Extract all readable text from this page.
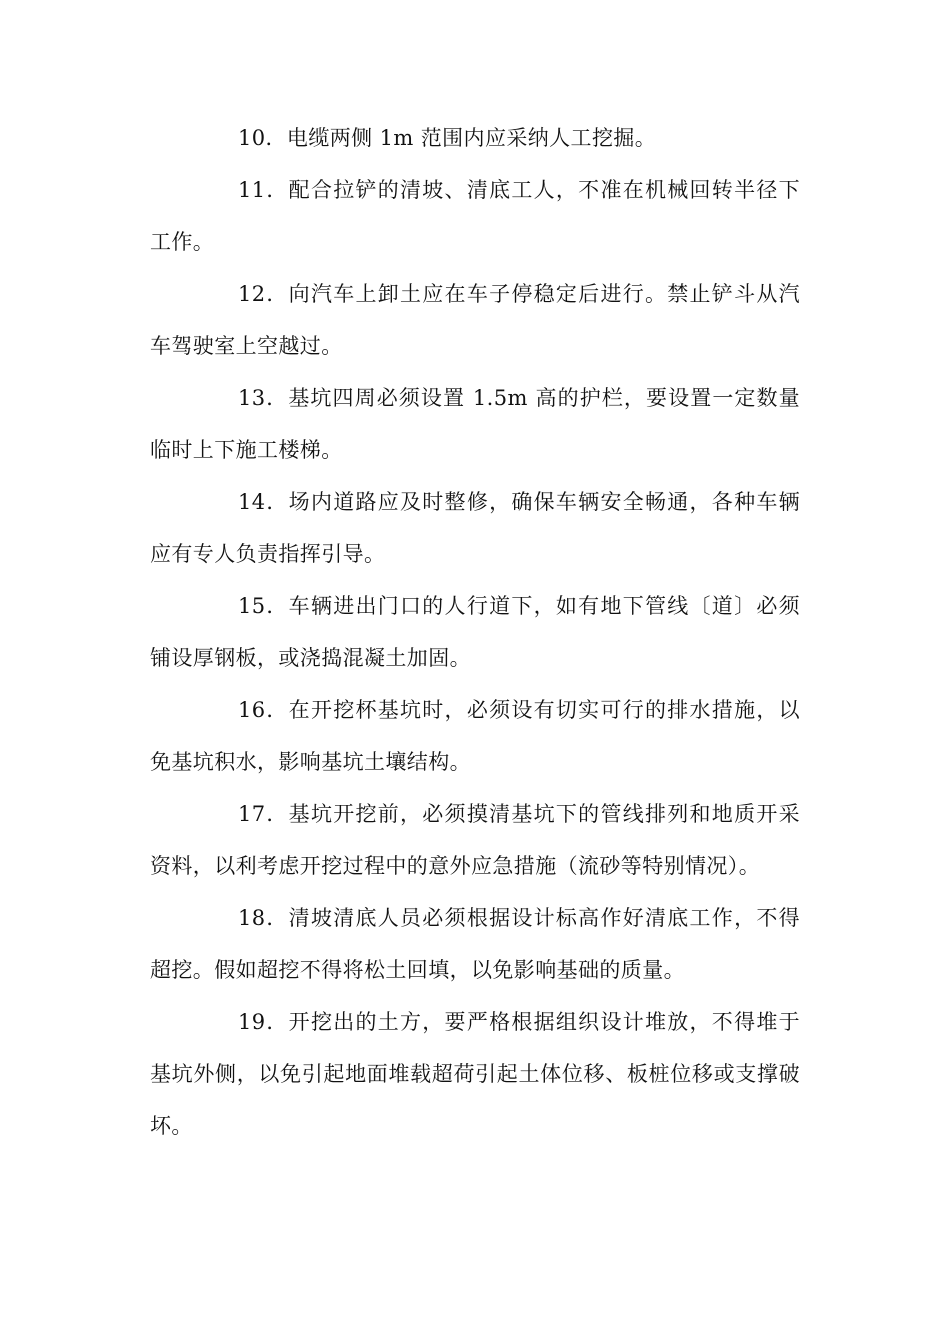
10．电缆两侧 1m 范围内应采纳人工挖掘。

11．配合拉铲的清坡、清底工人，不准在机械回转半径下工作。

12．向汽车上卸土应在车子停稳定后进行。禁止铲斗从汽车驾驶室上空越过。

13．基坑四周必须设置 1.5m 高的护栏，要设置一定数量临时上下施工楼梯。

14．场内道路应及时整修，确保车辆安全畅通，各种车辆应有专人负责指挥引导。

15．车辆进出门口的人行道下，如有地下管线〔道〕必须铺设厚钢板，或浇捣混凝土加固。

16．在开挖杯基坑时，必须设有切实可行的排水措施，以免基坑积水，影响基坑土壤结构。

17．基坑开挖前，必须摸清基坑下的管线排列和地质开采资料，以利考虑开挖过程中的意外应急措施（流砂等特别情况）。

18．清坡清底人员必须根据设计标高作好清底工作，不得超挖。假如超挖不得将松土回填，以免影响基础的质量。

19．开挖出的土方，要严格根据组织设计堆放，不得堆于基坑外侧，以免引起地面堆载超荷引起土体位移、板桩位移或支撑破坏。
